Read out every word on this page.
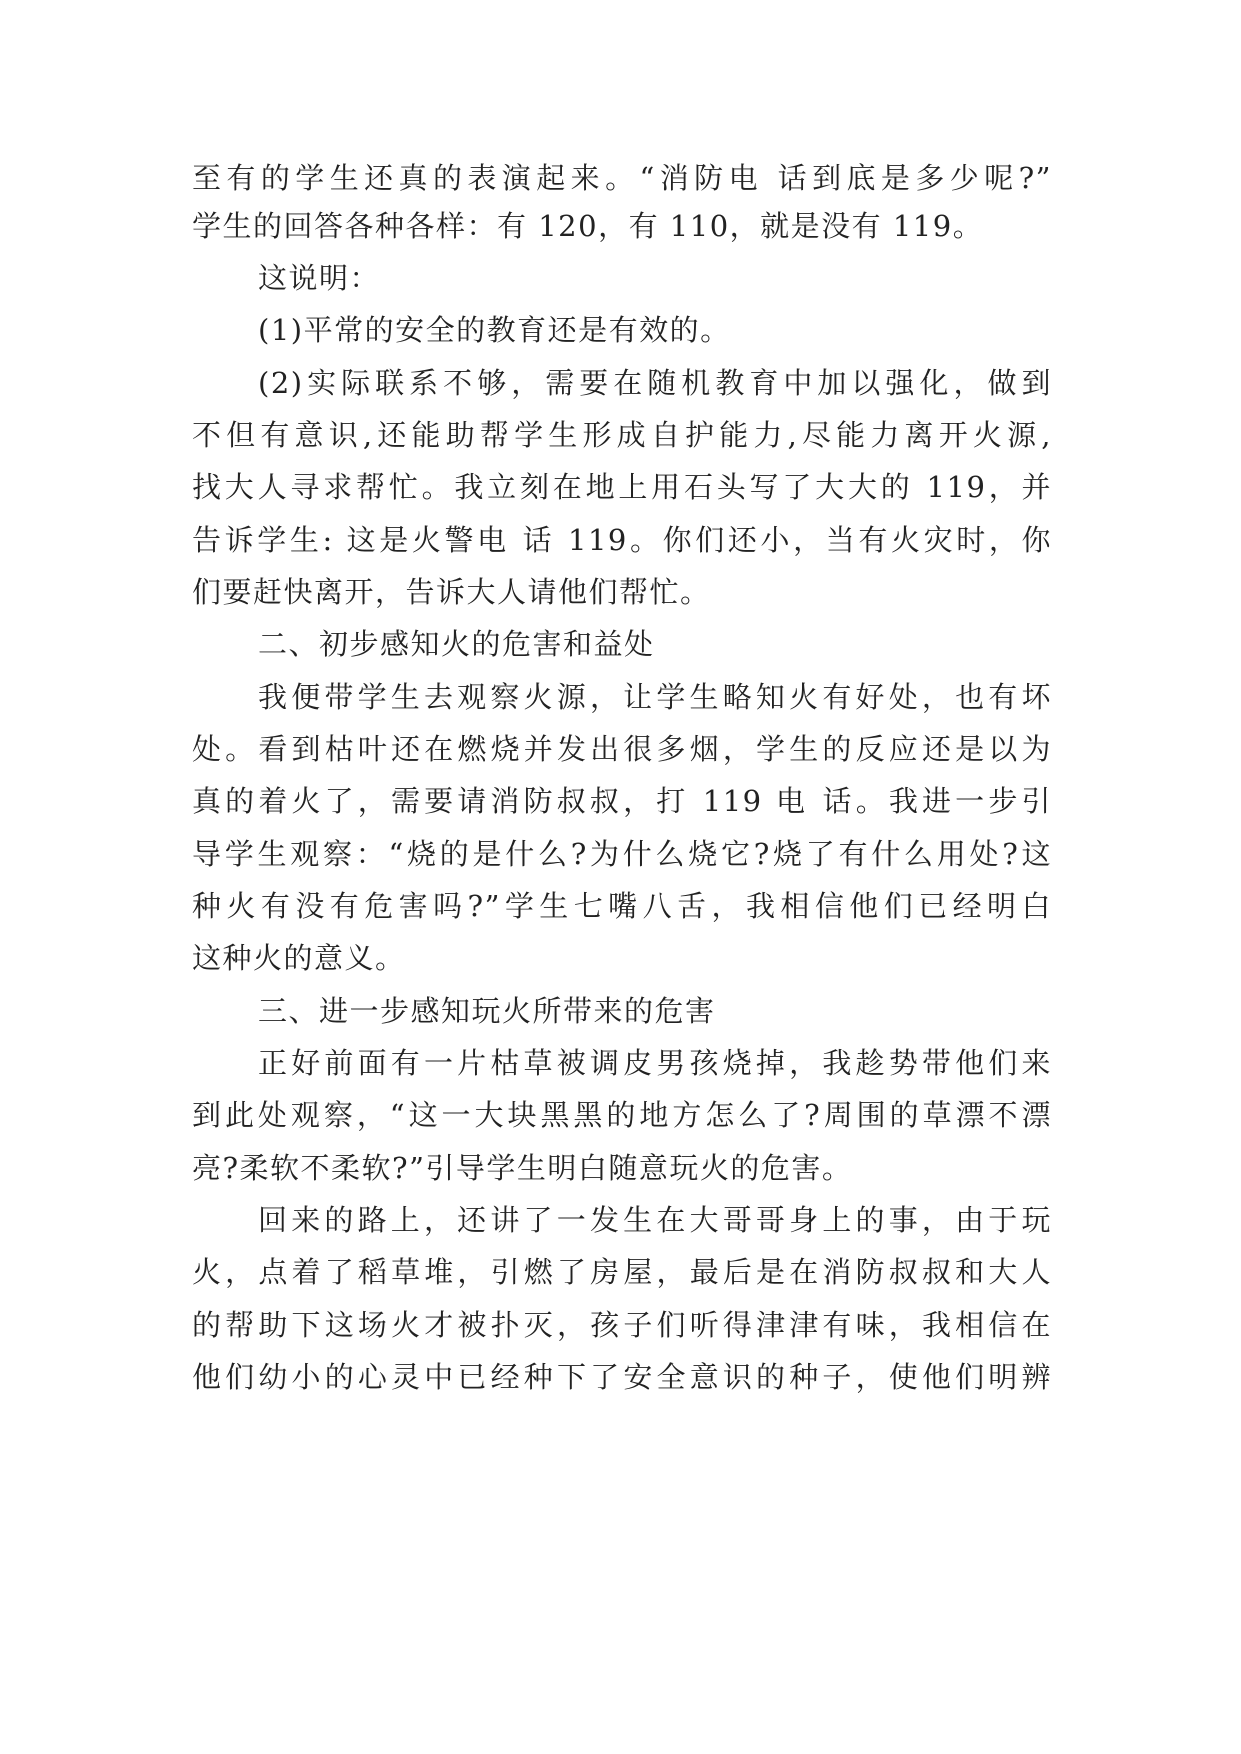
至有的学生还真的表演起来。“消防电 话到底是多少呢?”
学生的回答各种各样：有 120，有 110，就是没有 119。
这说明：
(1)平常的安全的教育还是有效的。
(2)实际联系不够，需要在随机教育中加以强化，做到
不但有意识,还能助帮学生形成自护能力,尽能力离开火源,
找大人寻求帮忙。我立刻在地上用石头写了大大的 119，并
告诉学生: 这是火警电 话 119。你们还小，当有火灾时，你
们要赶快离开，告诉大人请他们帮忙。
二、初步感知火的危害和益处
我便带学生去观察火源，让学生略知火有好处，也有坏
处。看到枯叶还在燃烧并发出很多烟，学生的反应还是以为
真的着火了，需要请消防叔叔，打 119 电 话。我进一步引
导学生观察：“烧的是什么?为什么烧它?烧了有什么用处?这
种火有没有危害吗?”学生七嘴八舌，我相信他们已经明白
这种火的意义。
三、进一步感知玩火所带来的危害
正好前面有一片枯草被调皮男孩烧掉，我趁势带他们来
到此处观察，“这一大块黑黑的地方怎么了?周围的草漂不漂
亮?柔软不柔软?”引导学生明白随意玩火的危害。
回来的路上，还讲了一发生在大哥哥身上的事，由于玩
火，点着了稻草堆，引燃了房屋，最后是在消防叔叔和大人
的帮助下这场火才被扑灭，孩子们听得津津有味，我相信在
他们幼小的心灵中已经种下了安全意识的种子，使他们明辨
